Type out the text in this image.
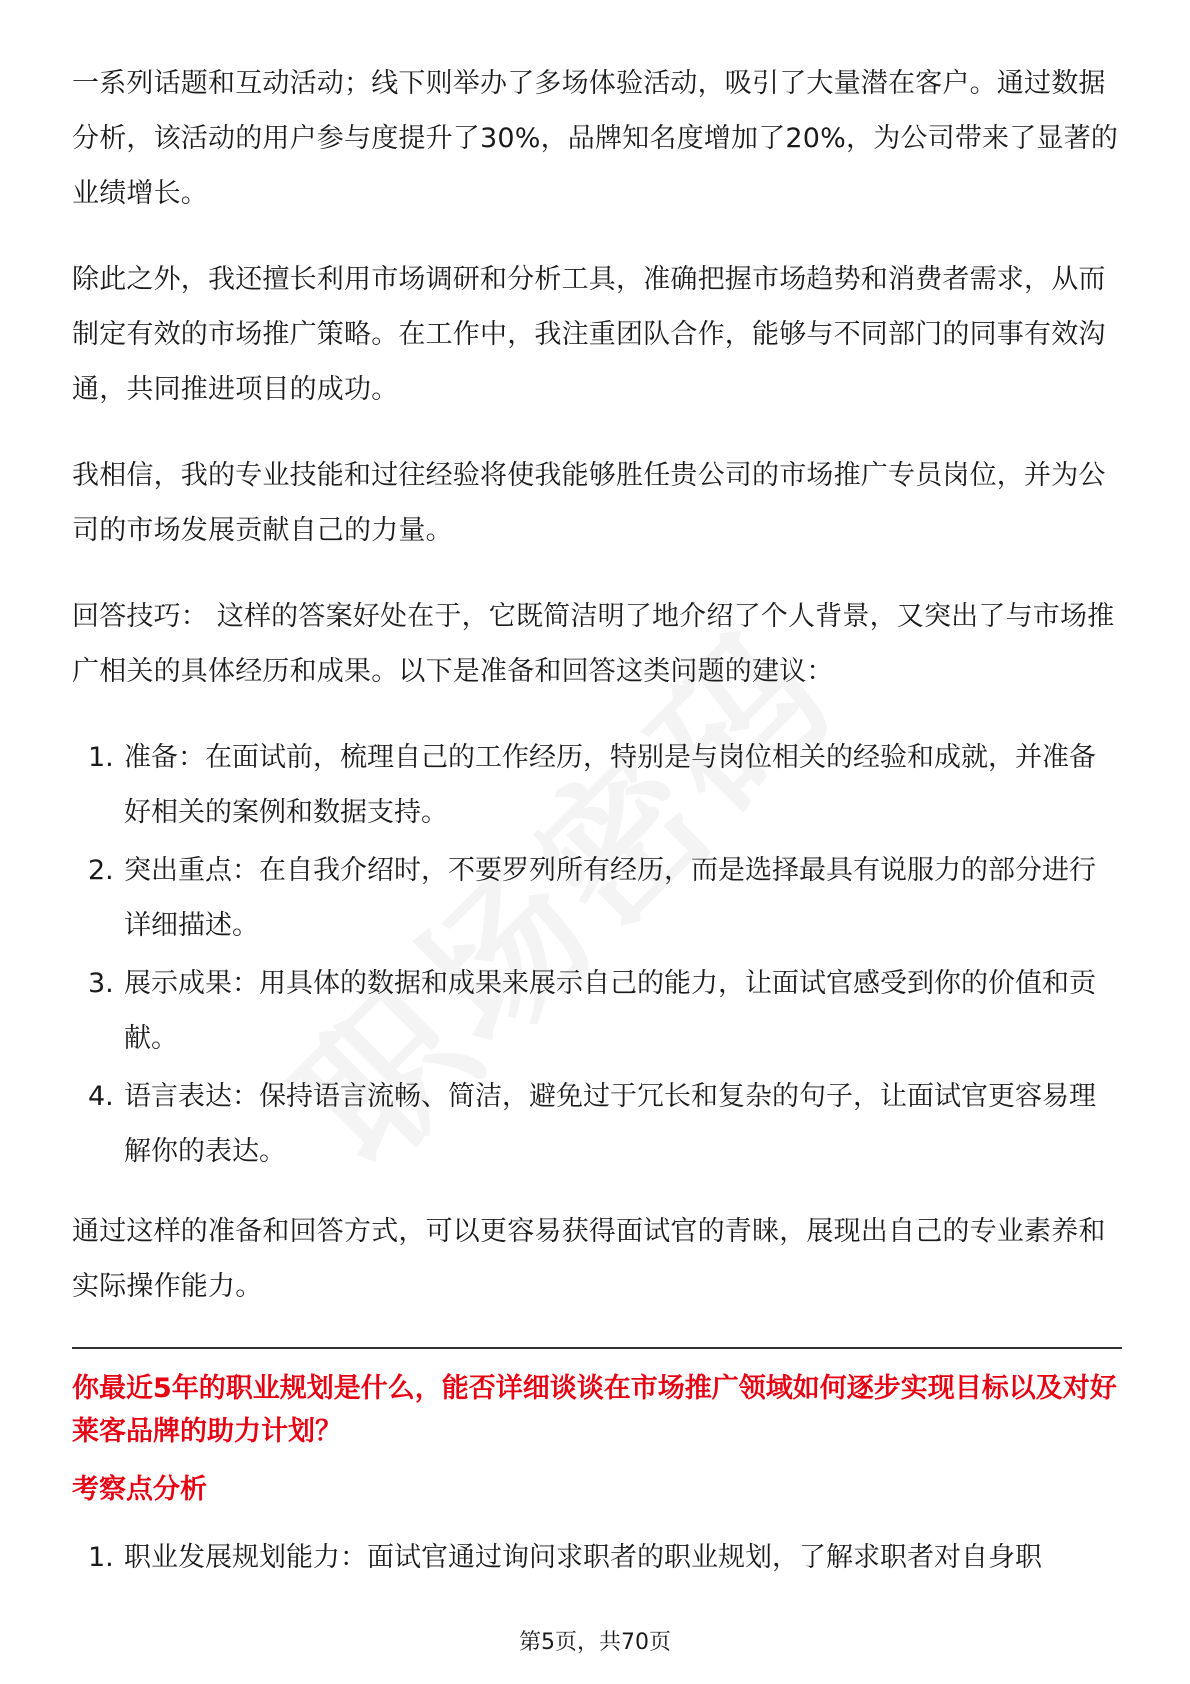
一系列话题和互动活动；线下则举办了多场体验活动，吸引了大量潜在客户。通过数据分析，该活动的用户参与度提升了30%，品牌知名度增加了20%，为公司带来了显著的业绩增长。

除此之外，我还擅长利用市场调研和分析工具，准确把握市场趋势和消费者需求，从而制定有效的市场推广策略。在工作中，我注重团队合作，能够与不同部门的同事有效沟通，共同推进项目的成功。

我相信，我的专业技能和过往经验将使我能够胜任贵公司的市场推广专员岗位，并为公司的市场发展贡献自己的力量。

回答技巧： 这样的答案好处在于，它既简洁明了地介绍了个人背景，又突出了与市场推广相关的具体经历和成果。以下是准备和回答这类问题的建议：

1. 准备：在面试前，梳理自己的工作经历，特别是与岗位相关的经验和成就，并准备好相关的案例和数据支持。
2. 突出重点：在自我介绍时，不要罗列所有经历，而是选择最具有说服力的部分进行详细描述。
3. 展示成果：用具体的数据和成果来展示自己的能力，让面试官感受到你的价值和贡献。
4. 语言表达：保持语言流畅、简洁，避免过于冗长和复杂的句子，让面试官更容易理解你的表达。

通过这样的准备和回答方式，可以更容易获得面试官的青睐，展现出自己的专业素养和实际操作能力。

你最近5年的职业规划是什么，能否详细谈谈在市场推广领域如何逐步实现目标以及对好莱客品牌的助力计划？

考察点分析

1. 职业发展规划能力：面试官通过询问求职者的职业规划，了解求职者对自身职
第5页，共70页
